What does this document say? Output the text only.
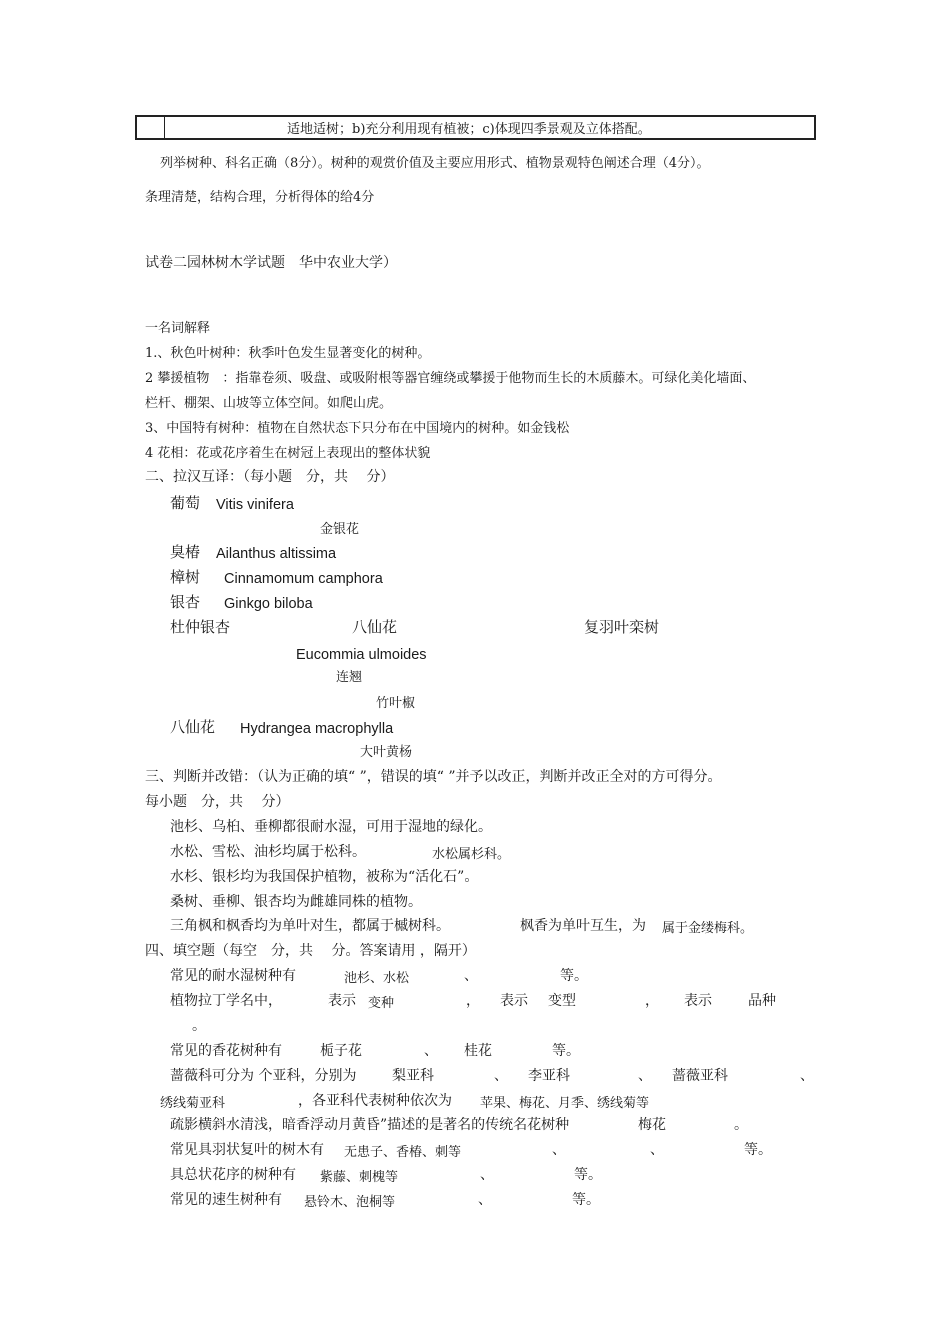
适地适树；b)充分利用现有植被；c)体现四季景观及立体搭配。
列举树种、科名正确（8分）。树种的观赏价值及主要应用形式、植物景观特色阐述合理（4分）。
条理清楚，结构合理，分析得体的给4分
试卷二园林树木学试题　华中农业大学）
一名词解释
1.、秋色叶树种：秋季叶色发生显著变化的树种。
2 攀援植物　：指靠卷须、吸盘、或吸附根等器官缠绕或攀援于他物而生长的木质藤木。可绿化美化墙面、
栏杆、棚架、山坡等立体空间。如爬山虎。
3、中国特有树种：植物在自然状态下只分布在中国境内的树种。如金钱松
4 花相：花或花序着生在树冠上表现出的整体状貌
二、拉汉互译：（每小题　分，共　 分）
葡萄 Vitis vinifera
金银花
臭椿 Ailanthus altissima
樟树 Cinnamomum camphora
银杏 Ginkgo biloba
杜仲银杏	八仙花	复羽叶栾树
Eucommia ulmoides
连翘
竹叶椒
八仙花 Hydrangea macrophylla
大叶黄杨
三、判断并改错：（认为正确的填“ ”，错误的填“ ”并予以改正，判断并改正全对的方可得分。
每小题　分，共　 分）
池杉、乌桕、垂柳都很耐水湿，可用于湿地的绿化。
水松、雪松、油杉均属于松科。	水松属杉科。
水杉、银杉均为我国保护植物，被称为“活化石”。
桑树、垂柳、银杏均为雌雄同株的植物。
三角枫和枫香均为单叶对生，都属于槭树科。	枫香为单叶互生，为 属于金缕梅科。
四、填空题（每空　分，共　 分。答案请用 ，隔开）
常见的耐水湿树种有	池杉、水松	、	等。
植物拉丁学名中，	表示 变种	， 表示 变型	， 表示	品种
。
常见的香花树种有	栀子花	、 桂花	等。
蔷薇科可分为 个亚科，分别为	梨亚科	、 李亚科	、 蔷薇亚科	、
绣线菊亚科	，各亚科代表树种依次为 苹果、梅花、月季、绣线菊等
疏影横斜水清浅，暗香浮动月黄昏”描述的是著名的传统名花树种	梅花	。
常见具羽状复叶的树木有 无患子、香椿、刺等	、	、	等。
具总状花序的树种有 紫藤、刺槐等	、	等。
常见的速生树种有 悬铃木、泡桐等	、	等。
